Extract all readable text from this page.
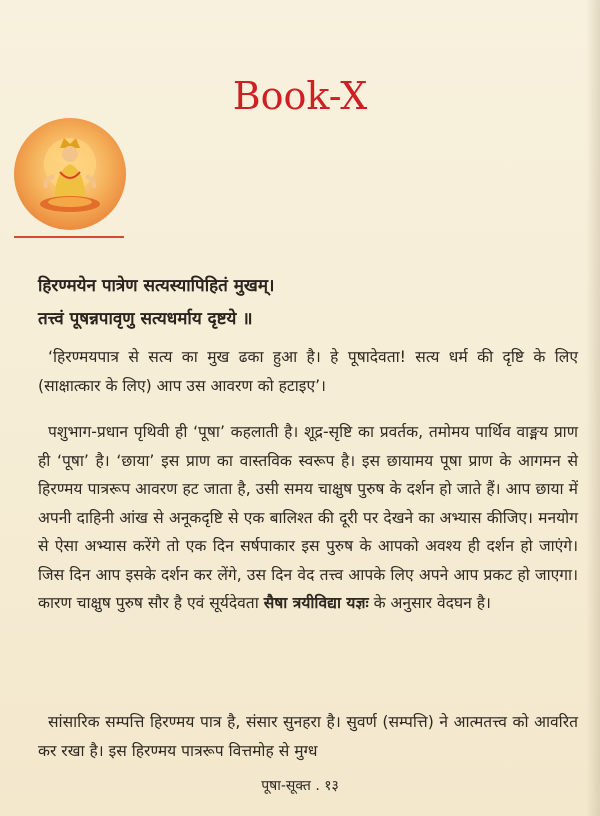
Book-X
हिरण्मयेन पात्रेण सत्यस्यापिहितं मुखम्।
तत्त्वं पूषन्नपावृणु सत्यधर्माय दृष्टये ॥
‘हिरण्मयपात्र से सत्य का मुख ढका हुआ है। हे पूषादेवता! सत्य धर्म की दृष्टि के लिए (साक्षात्कार के लिए) आप उस आवरण को हटाइए’।
पशुभाग-प्रधान पृथिवी ही ‘पूषा’ कहलाती है। शूद्र-सृष्टि का प्रवर्तक, तमोमय पार्थिव वाङ्मय प्राण ही ‘पूषा’ है। ‘छाया’ इस प्राण का वास्तविक स्वरूप है। इस छायामय पूषा प्राण के आगमन से हिरण्मय पात्ररूप आवरण हट जाता है, उसी समय चाक्षुष पुरुष के दर्शन हो जाते हैं। आप छाया में अपनी दाहिनी आंख से अनूकदृष्टि से एक बालिश्त की दूरी पर देखने का अभ्यास कीजिए। मनयोग से ऐसा अभ्यास करेंगे तो एक दिन सर्षपाकार इस पुरुष के आपको अवश्य ही दर्शन हो जाएंगे। जिस दिन आप इसके दर्शन कर लेंगे, उस दिन वेद तत्त्व आपके लिए अपने आप प्रकट हो जाएगा। कारण चाक्षुष पुरुष सौर है एवं सूर्यदेवता सैषा त्रयीविद्या यज्ञः के अनुसार वेदघन है।
सांसारिक सम्पत्ति हिरण्मय पात्र है, संसार सुनहरा है। सुवर्ण (सम्पत्ति) ने आत्मतत्त्व को आवरित कर रखा है। इस हिरण्मय पात्ररूप वित्तमोह से मुग्ध
पूषा-सूक्त . १३
